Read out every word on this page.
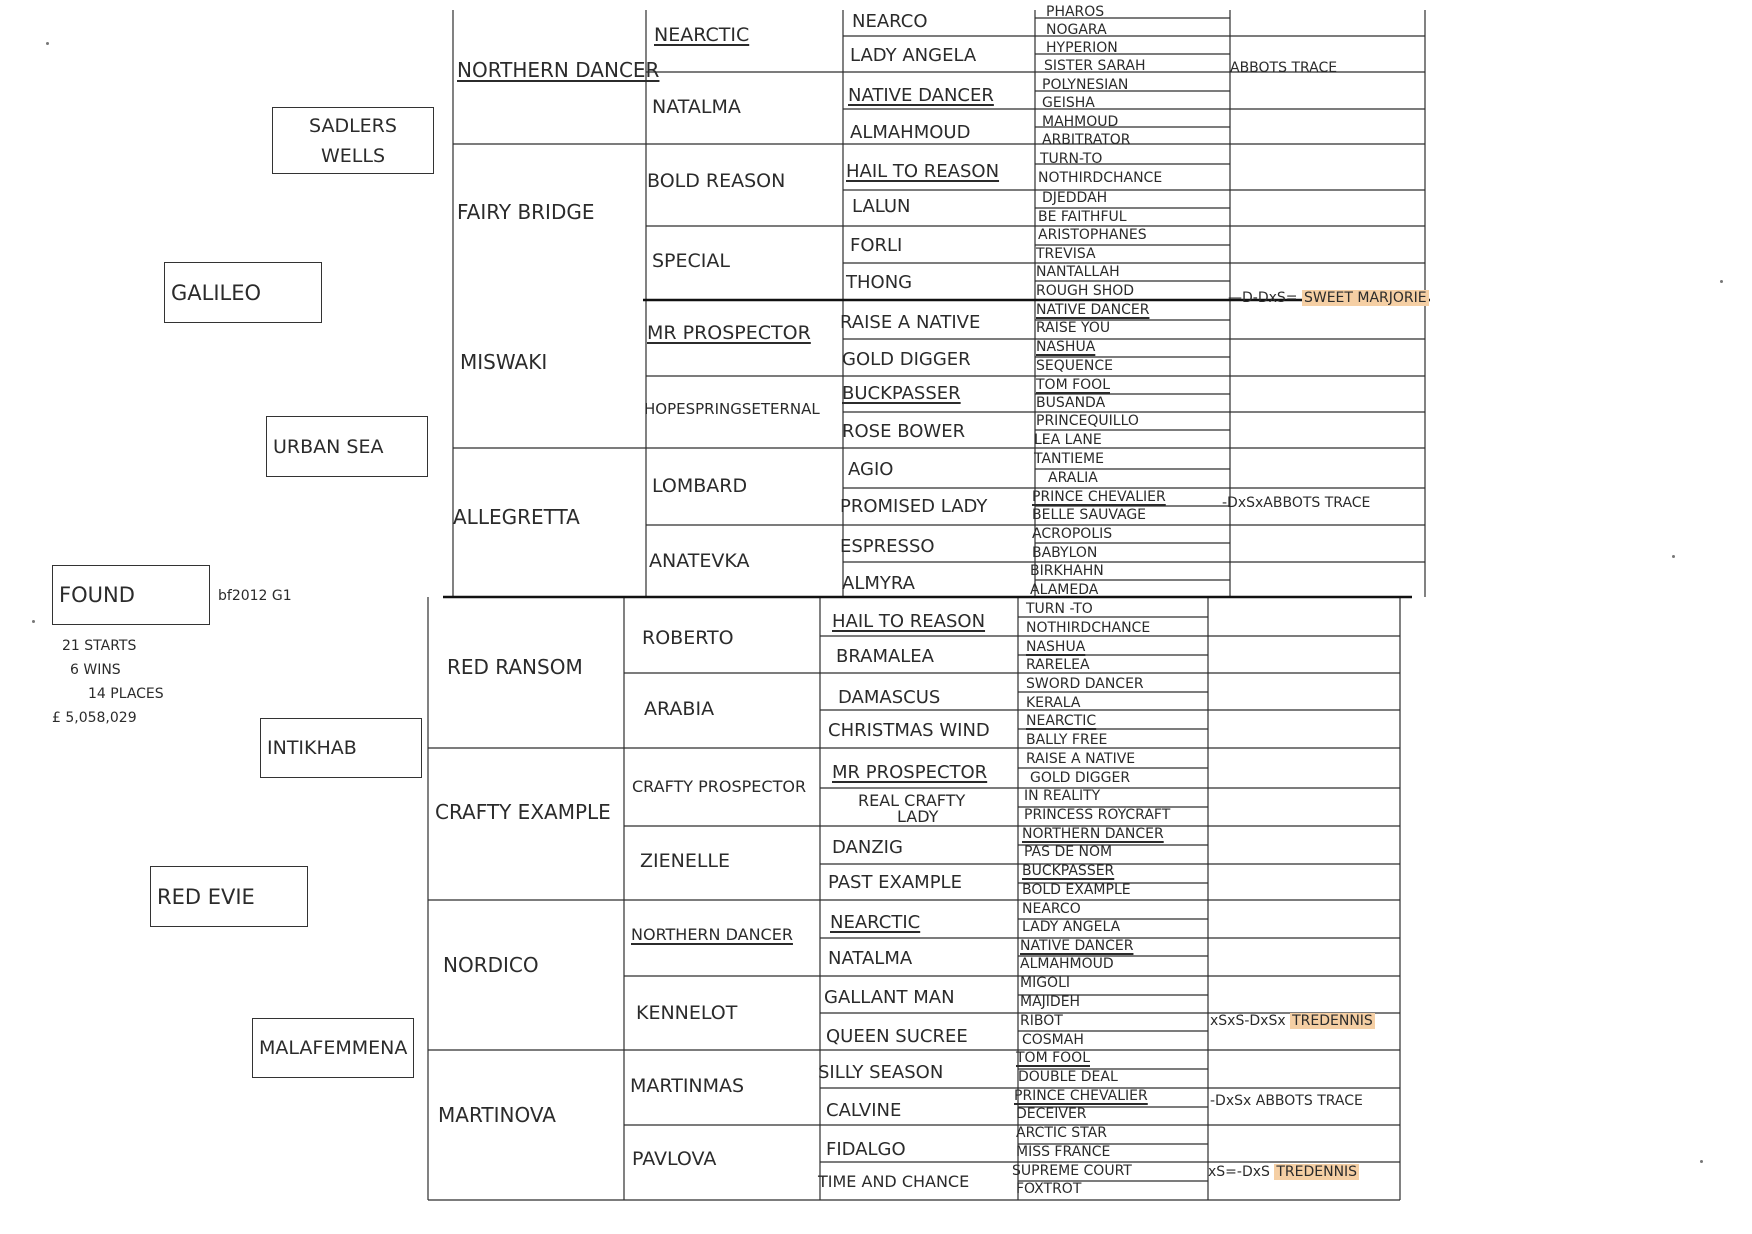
FOUND	bf2012 G1
21 STARTS
6 WINS
14 PLACES
£ 5,058,029
GALILEO
RED EVIE
SADLERS
WELLS
URBAN SEA
INTIKHAB
MALAFEMMENA
NORTHERN DANCER
FAIRY BRIDGE
MISWAKI
ALLEGRETTA
RED RANSOM
CRAFTY EXAMPLE
NORDICO
MARTINOVA
NEARCTIC
NATALMA
BOLD REASON
SPECIAL
MR PROSPECTOR
HOPESPRINGSETERNAL
LOMBARD
ANATEVKA
ROBERTO
ARABIA
CRAFTY PROSPECTOR
ZIENELLE
NORTHERN DANCER
KENNELOT
MARTINMAS
PAVLOVA
NEARCO
LADY ANGELA
NATIVE DANCER
ALMAHMOUD
HAIL TO REASON
LALUN
FORLI
THONG
RAISE A NATIVE
GOLD DIGGER
BUCKPASSER
ROSE BOWER
AGIO
PROMISED LADY
ESPRESSO
ALMYRA
HAIL TO REASON
BRAMALEA
DAMASCUS
CHRISTMAS WIND
MR PROSPECTOR
REAL CRAFTY
LADY
DANZIG
PAST EXAMPLE
NEARCTIC
NATALMA
GALLANT MAN
QUEEN SUCREE
SILLY SEASON
CALVINE
FIDALGO
TIME AND CHANCE
PHAROS
NOGARA
HYPERION
SISTER SARAH
POLYNESIAN
GEISHA
MAHMOUD
ARBITRATOR
TURN-TO
NOTHIRDCHANCE
DJEDDAH
BE FAITHFUL
ARISTOPHANES
TREVISA
NANTALLAH
ROUGH SHOD
NATIVE DANCER
RAISE YOU
NASHUA
SEQUENCE
TOM FOOL
BUSANDA
PRINCEQUILLO
LEA LANE
TANTIEME
ARALIA
PRINCE CHEVALIER
BELLE SAUVAGE
ACROPOLIS
BABYLON
BIRKHAHN
ALAMEDA
TURN -TO
NOTHIRDCHANCE
NASHUA
RARELEA
SWORD DANCER
KERALA
NEARCTIC
BALLY FREE
RAISE A NATIVE
GOLD DIGGER
IN REALITY
PRINCESS ROYCRAFT
NORTHERN DANCER
PAS DE NOM
BUCKPASSER
BOLD EXAMPLE
NEARCO
LADY ANGELA
NATIVE DANCER
ALMAHMOUD
MIGOLI
MAJIDEH
RIBOT
COSMAH
TOM FOOL
DOUBLE DEAL
PRINCE CHEVALIER
DECEIVER
ARCTIC STAR
MISS FRANCE
SUPREME COURT
FOXTROT
ABBOTS TRACE
—D-DxS= SWEET MARJORIE
-DxSxABBOTS TRACE
xSxS-DxSx TREDENNIS
-DxSx ABBOTS TRACE
xS=-DxS TREDENNIS
